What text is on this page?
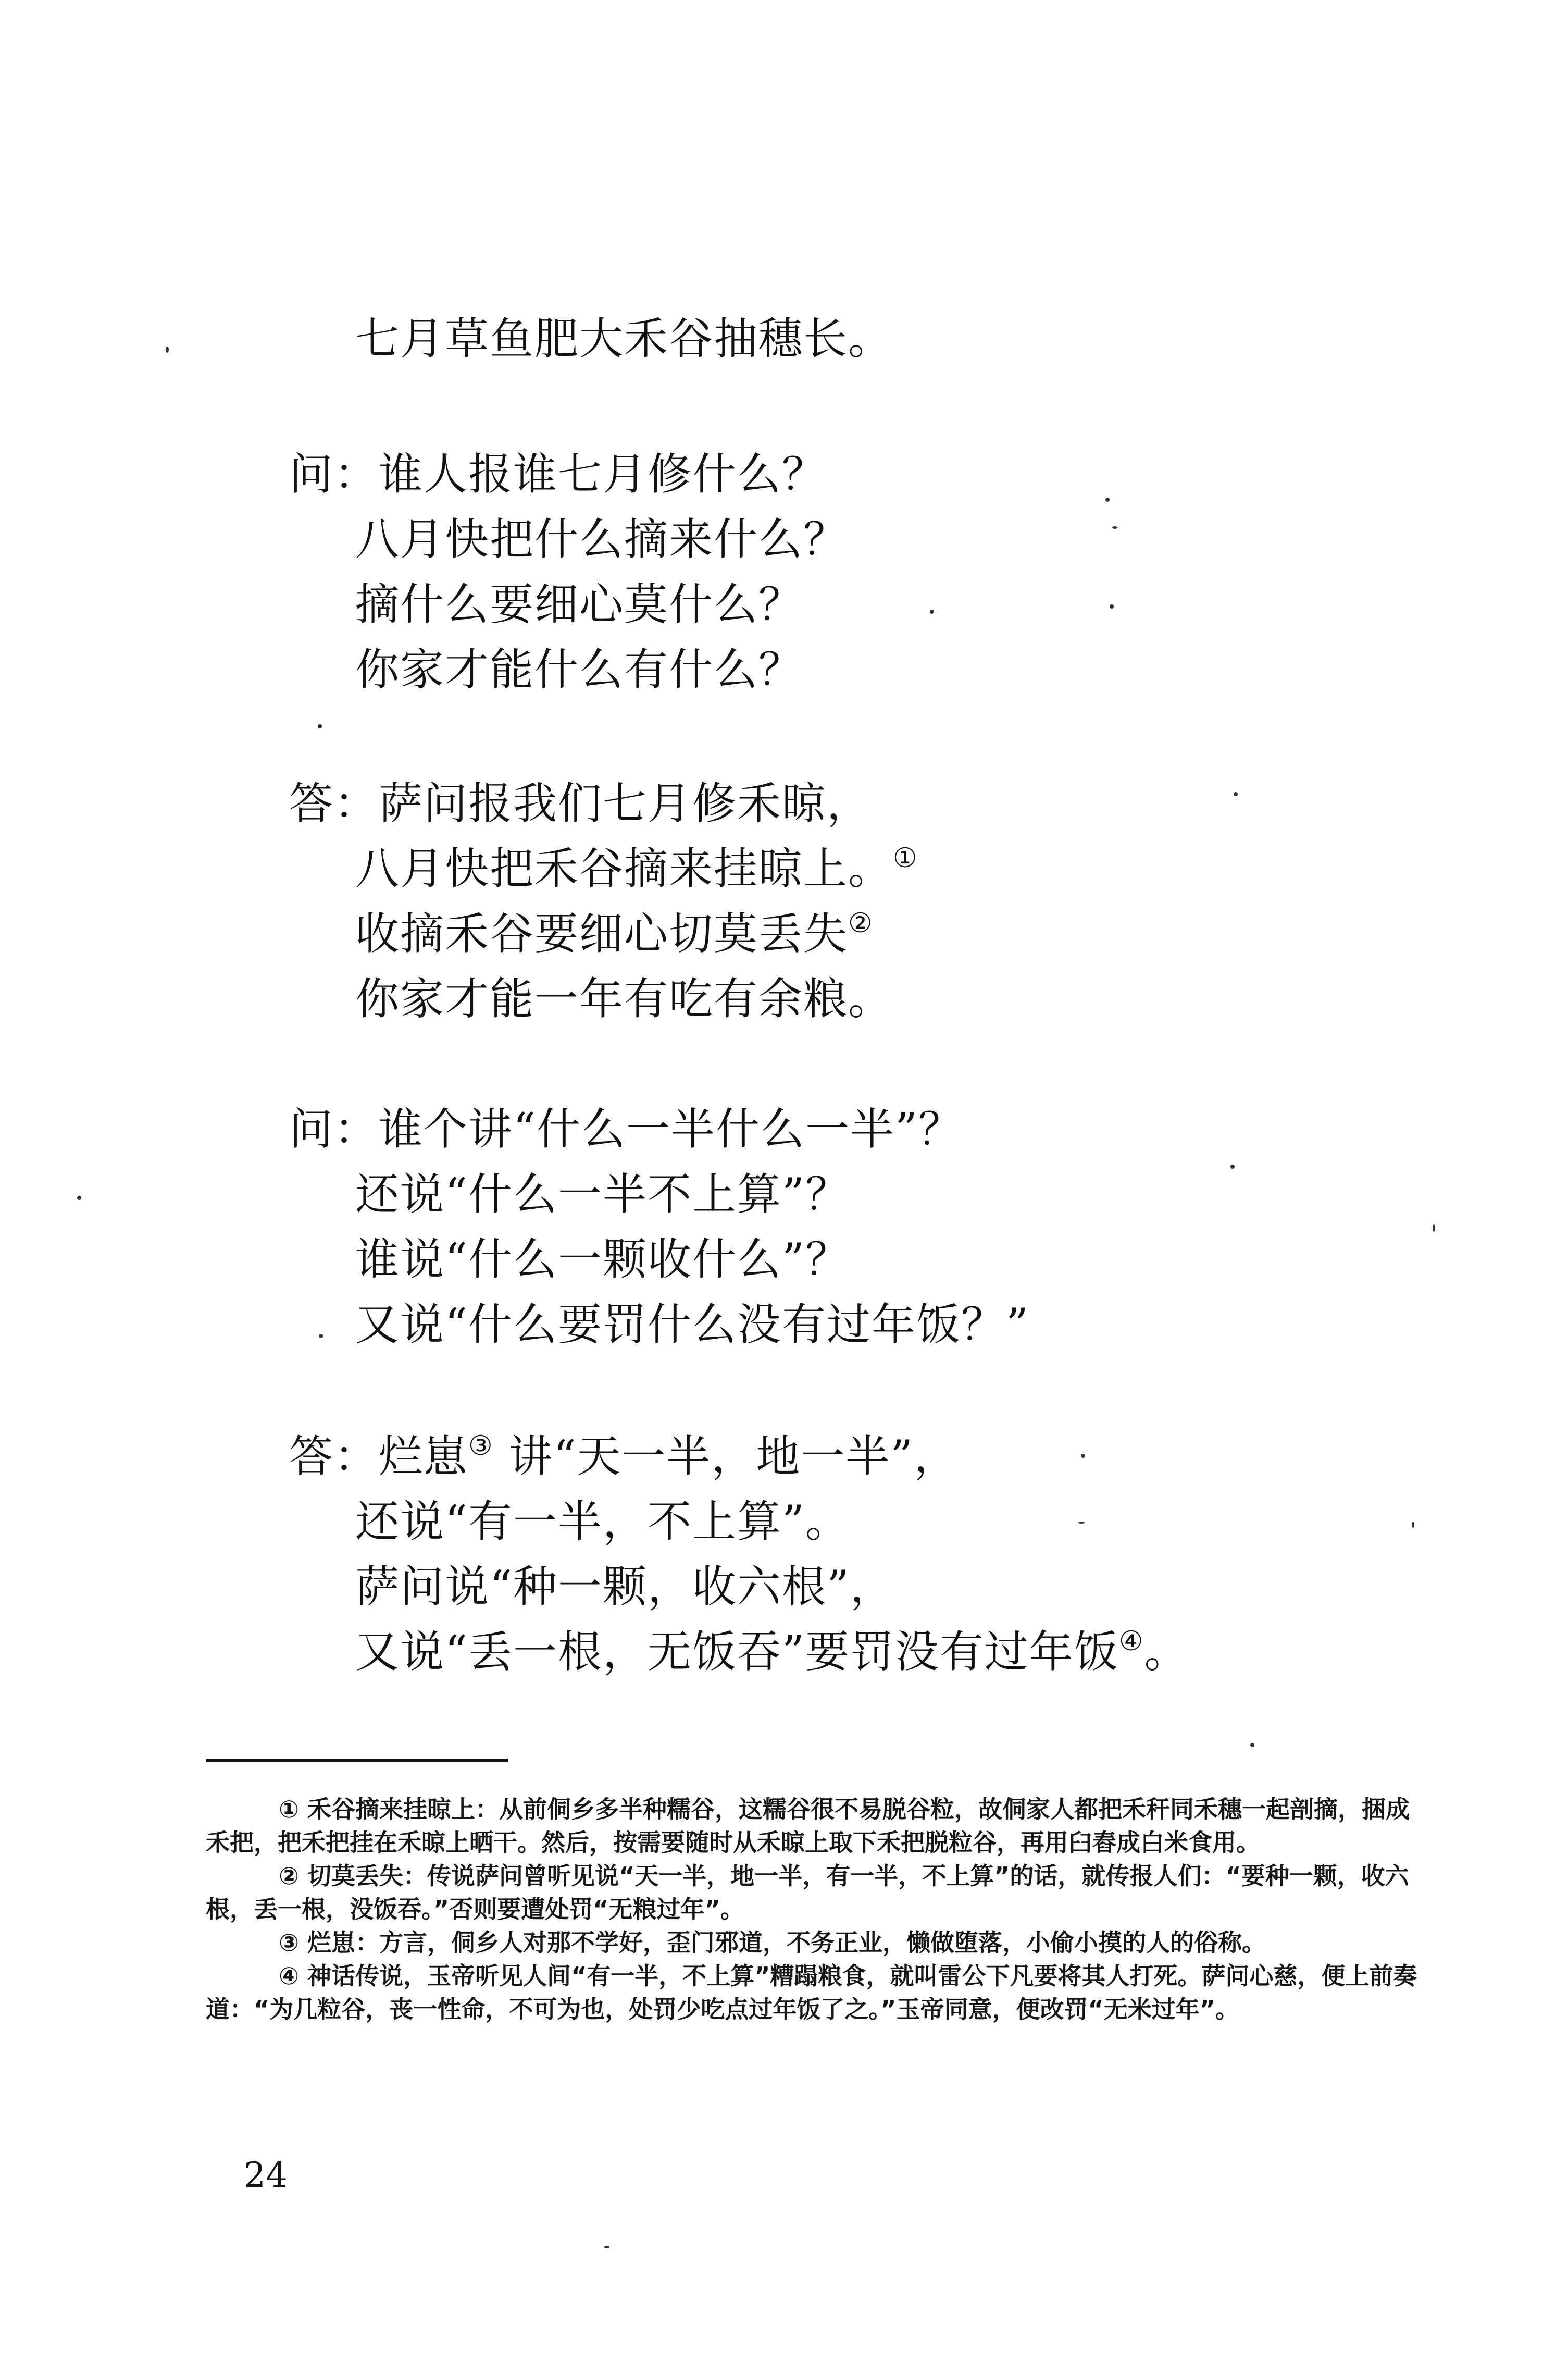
七月草鱼肥大禾谷抽穗长。
问：谁人报谁七月修什么？
八月快把什么摘来什么？
摘什么要细心莫什么？
你家才能什么有什么？
答：萨问报我们七月修禾晾，
八月快把禾谷摘来挂晾上。①
收摘禾谷要细心切莫丢失②
你家才能一年有吃有余粮。
问：谁个讲“什么一半什么一半”？
还说“什么一半不上算”？
谁说“什么一颗收什么”？
又说“什么要罚什么没有过年饭？”
答：烂崽③ 讲“天一半，地一半”，
还说“有一半，不上算”。
萨问说“种一颗，收六根”，
又说“丢一根，无饭吞”要罚没有过年饭④。

① 禾谷摘来挂晾上：从前侗乡多半种糯谷，这糯谷很不易脱谷粒，故侗家人都把禾秆同禾穗一起剖摘，捆成禾把，把禾把挂在禾晾上晒干。然后，按需要随时从禾晾上取下禾把脱粒谷，再用臼舂成白米食用。

② 切莫丢失：传说萨问曾听见说“天一半，地一半，有一半，不上算”的话，就传报人们：“要种一颗，收六根，丢一根，没饭吞。”否则要遭处罚“无粮过年”。

③ 烂崽：方言，侗乡人对那不学好，歪门邪道，不务正业，懒做堕落，小偷小摸的人的俗称。

④ 神话传说，玉帝听见人间“有一半，不上算”糟蹋粮食，就叫雷公下凡要将其人打死。萨问心慈，便上前奏道：“为几粒谷，丧一性命，不可为也，处罚少吃点过年饭了之。”玉帝同意，便改罚“无米过年”。

24
